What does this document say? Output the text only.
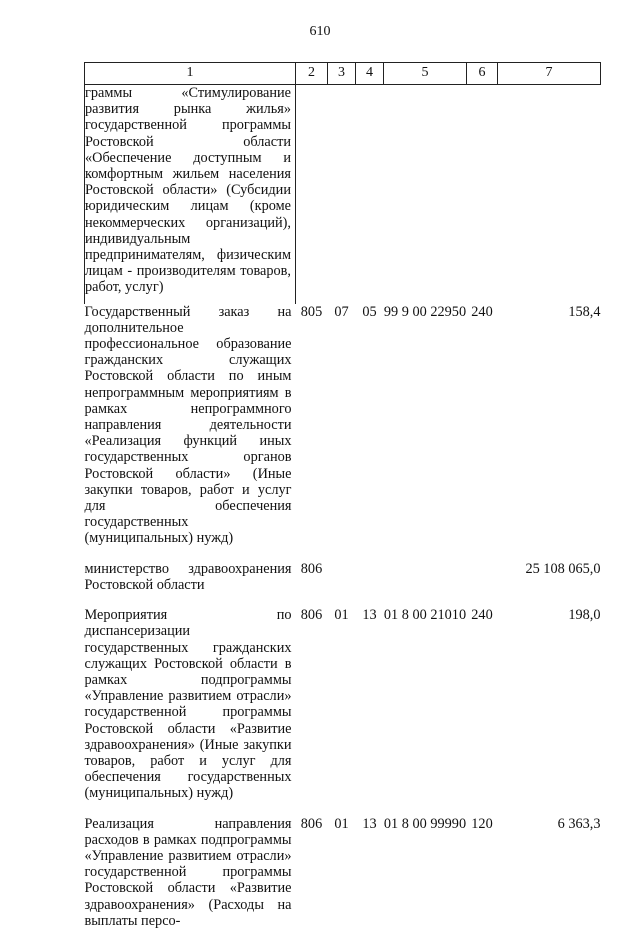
610
1	2	3	4	5	6	7
граммы «Стимулирование развития рынка жилья» государственной программы Ростовской области «Обеспечение доступным и комфортным жильем населения Ростовской области» (Субсидии юридическим лицам (кроме некоммерческих организаций), индивидуальным предпринимателям, физическим лицам - производителям товаров, работ, услуг)						
Государственный заказ на дополнительное профессиональное образование гражданских служащих Ростовской области по иным непрограммным мероприятиям в рамках непрограммного направления деятельности «Реализация функций иных государственных органов Ростовской области» (Иные закупки товаров, работ и услуг для обеспечения государственных (муниципальных) нужд)	805	07	05	99 9 00 22950	240	158,4
министерство здравоохранения Ростовской области	806					25 108 065,0
Мероприятия по диспансеризации государственных гражданских служащих Ростовской области в рамках подпрограммы «Управление развитием отрасли» государственной программы Ростовской области «Развитие здравоохранения» (Иные закупки товаров, работ и услуг для обеспечения государственных (муниципальных) нужд)	806	01	13	01 8 00 21010	240	198,0
Реализация направления расходов в рамках подпрограммы «Управление развитием отрасли» государственной программы Ростовской области «Развитие здравоохранения» (Расходы на выплаты персо-	806	01	13	01 8 00 99990	120	6 363,3
